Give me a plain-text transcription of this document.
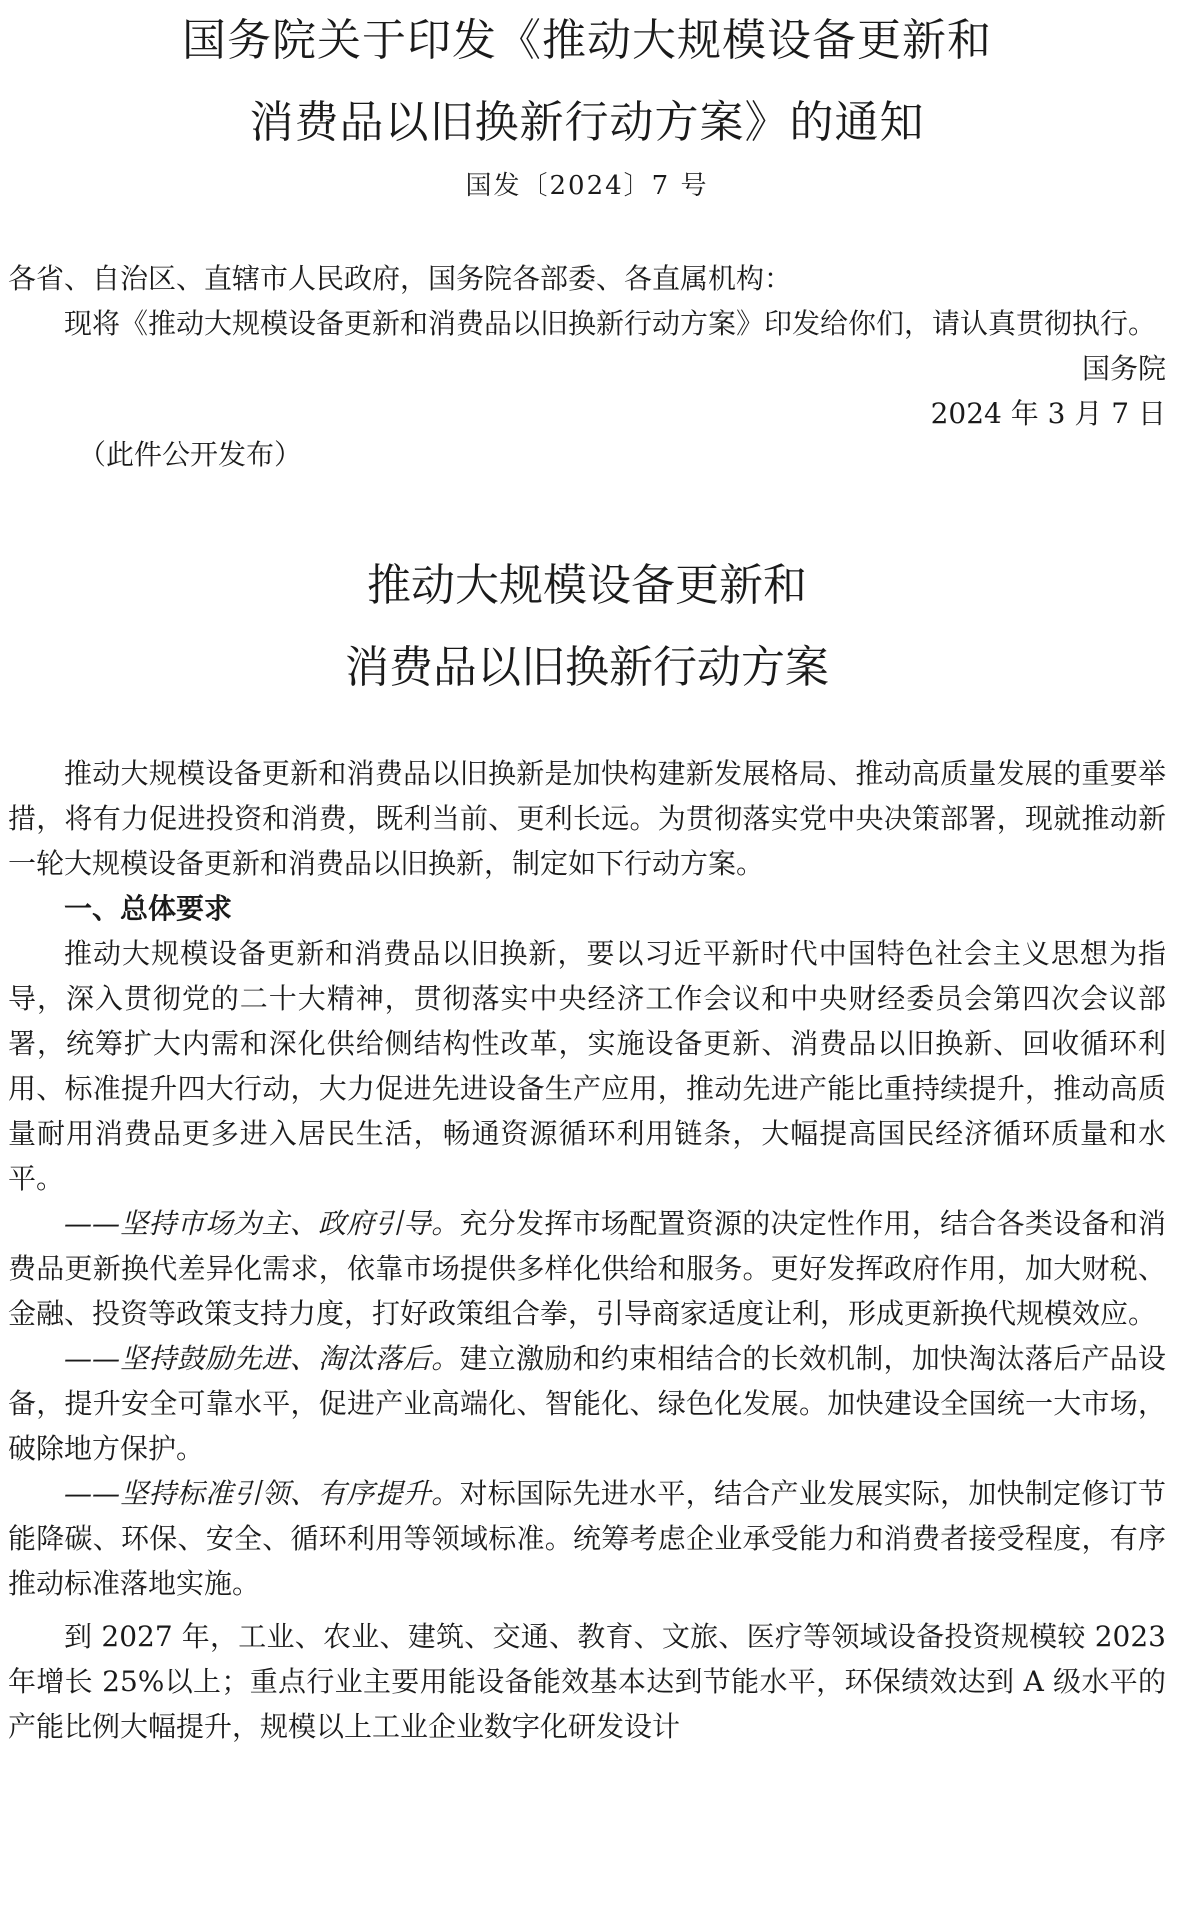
国务院关于印发《推动大规模设备更新和
消费品以旧换新行动方案》的通知

国发〔2024〕7 号

各省、自治区、直辖市人民政府，国务院各部委、各直属机构：

现将《推动大规模设备更新和消费品以旧换新行动方案》印发给你们，请认真贯彻执行。

国务院

2024 年 3 月 7 日

（此件公开发布）

推动大规模设备更新和
消费品以旧换新行动方案

推动大规模设备更新和消费品以旧换新是加快构建新发展格局、推动高质量发展的重要举措，将有力促进投资和消费，既利当前、更利长远。为贯彻落实党中央决策部署，现就推动新一轮大规模设备更新和消费品以旧换新，制定如下行动方案。

一、总体要求

推动大规模设备更新和消费品以旧换新，要以习近平新时代中国特色社会主义思想为指导，深入贯彻党的二十大精神，贯彻落实中央经济工作会议和中央财经委员会第四次会议部署，统筹扩大内需和深化供给侧结构性改革，实施设备更新、消费品以旧换新、回收循环利用、标准提升四大行动，大力促进先进设备生产应用，推动先进产能比重持续提升，推动高质量耐用消费品更多进入居民生活，畅通资源循环利用链条，大幅提高国民经济循环质量和水平。

——坚持市场为主、政府引导。充分发挥市场配置资源的决定性作用，结合各类设备和消费品更新换代差异化需求，依靠市场提供多样化供给和服务。更好发挥政府作用，加大财税、金融、投资等政策支持力度，打好政策组合拳，引导商家适度让利，形成更新换代规模效应。

——坚持鼓励先进、淘汰落后。建立激励和约束相结合的长效机制，加快淘汰落后产品设备，提升安全可靠水平，促进产业高端化、智能化、绿色化发展。加快建设全国统一大市场，破除地方保护。

——坚持标准引领、有序提升。对标国际先进水平，结合产业发展实际，加快制定修订节能降碳、环保、安全、循环利用等领域标准。统筹考虑企业承受能力和消费者接受程度，有序推动标准落地实施。

到 2027 年，工业、农业、建筑、交通、教育、文旅、医疗等领域设备投资规模较 2023 年增长 25%以上；重点行业主要用能设备能效基本达到节能水平，环保绩效达到 A 级水平的产能比例大幅提升，规模以上工业企业数字化研发设计
